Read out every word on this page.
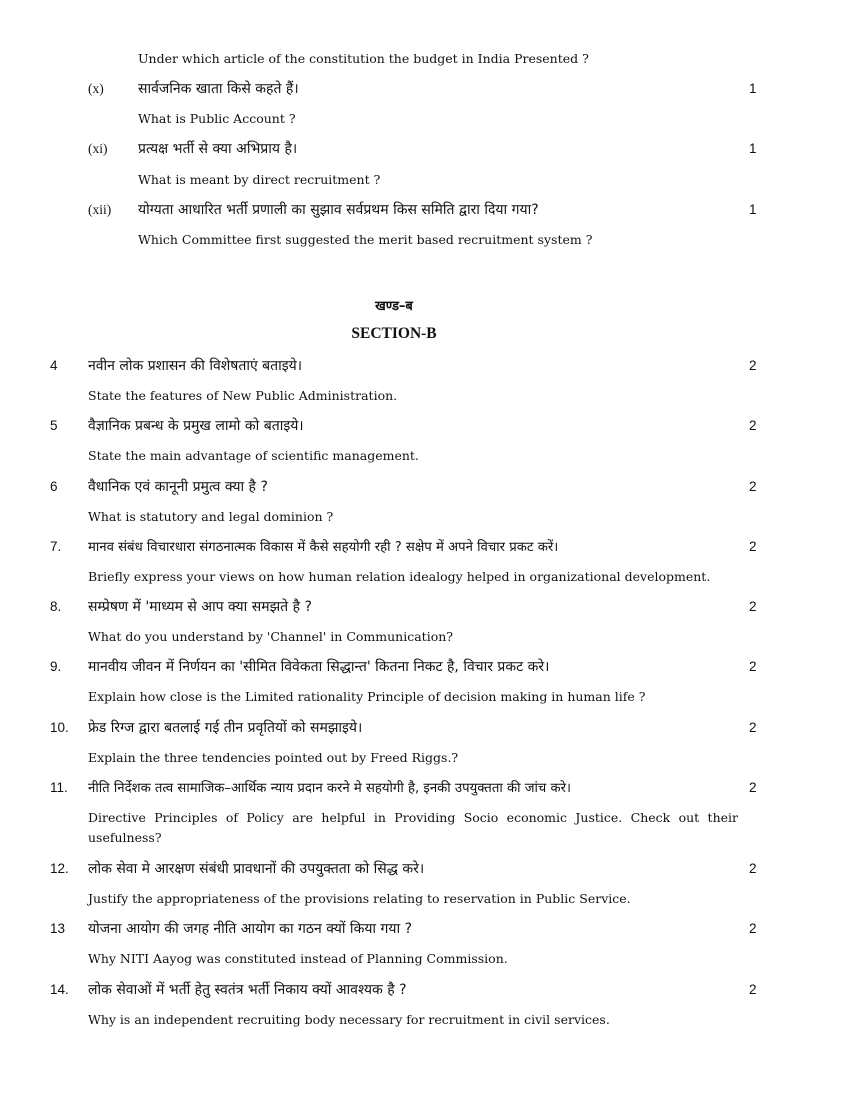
Under which article of the constitution the budget in India Presented ?
(x) सार्वजनिक खाता किसे कहते हैं।	1
What is Public Account ?
(xi) प्रत्यक्ष भर्ती से क्या अभिप्राय है।	1
What is meant by direct recruitment ?
(xii) योग्यता आधारित भर्ती प्रणाली का सुझाव सर्वप्रथम किस समिति द्वारा दिया गया?	1
Which Committee first suggested the merit based recruitment system ?
खण्ड–ब
SECTION-B
4 नवीन लोक प्रशासन की विशेषताएं बताइये।	2
State the features of New Public Administration.
5 वैज्ञानिक प्रबन्ध के प्रमुख लामो को बताइये।	2
State the main advantage of scientific management.
6 वैधानिक एवं कानूनी प्रमुत्व क्या है ?	2
What is statutory and legal dominion ?
7. मानव संबंध विचारधारा संगठनात्मक विकास में कैसे सहयोगी रही ? सक्षेप में अपने विचार प्रकट करें।	2
Briefly express your views on how human relation idealogy helped in organizational development.
8. सम्प्रेषण में 'माध्यम से आप क्या समझते है ?	2
What do you understand by 'Channel' in Communication?
9. मानवीय जीवन में निर्णयन का 'सीमित विवेकता सिद्धान्त' कितना निकट है, विचार प्रकट करे।	2
Explain how close is the Limited rationality Principle of decision making in human life ?
10. फ्रेड रिग्ज द्वारा बतलाई गई तीन प्रवृतियों को समझाइये।	2
Explain the three tendencies pointed out by Freed Riggs.?
11. नीति निर्देशक तत्व सामाजिक–आर्थिक न्याय प्रदान करने मे सहयोगी है, इनकी उपयुक्तता की जांच करे।	2
Directive Principles of Policy are helpful in Providing Socio economic Justice. Check out their usefulness?
12. लोक सेवा मे आरक्षण संबंधी प्रावधानों की उपयुक्तता को सिद्ध करे।	2
Justify the appropriateness of the provisions relating to reservation in Public Service.
13 योजना आयोग की जगह नीति आयोग का गठन क्यों किया गया ?	2
Why NITI Aayog was constituted instead of Planning Commission.
14. लोक सेवाओं में भर्ती हेतु स्वतंत्र भर्ती निकाय क्यों आवश्यक है ?	2
Why is an independent recruiting body necessary for recruitment in civil services.
